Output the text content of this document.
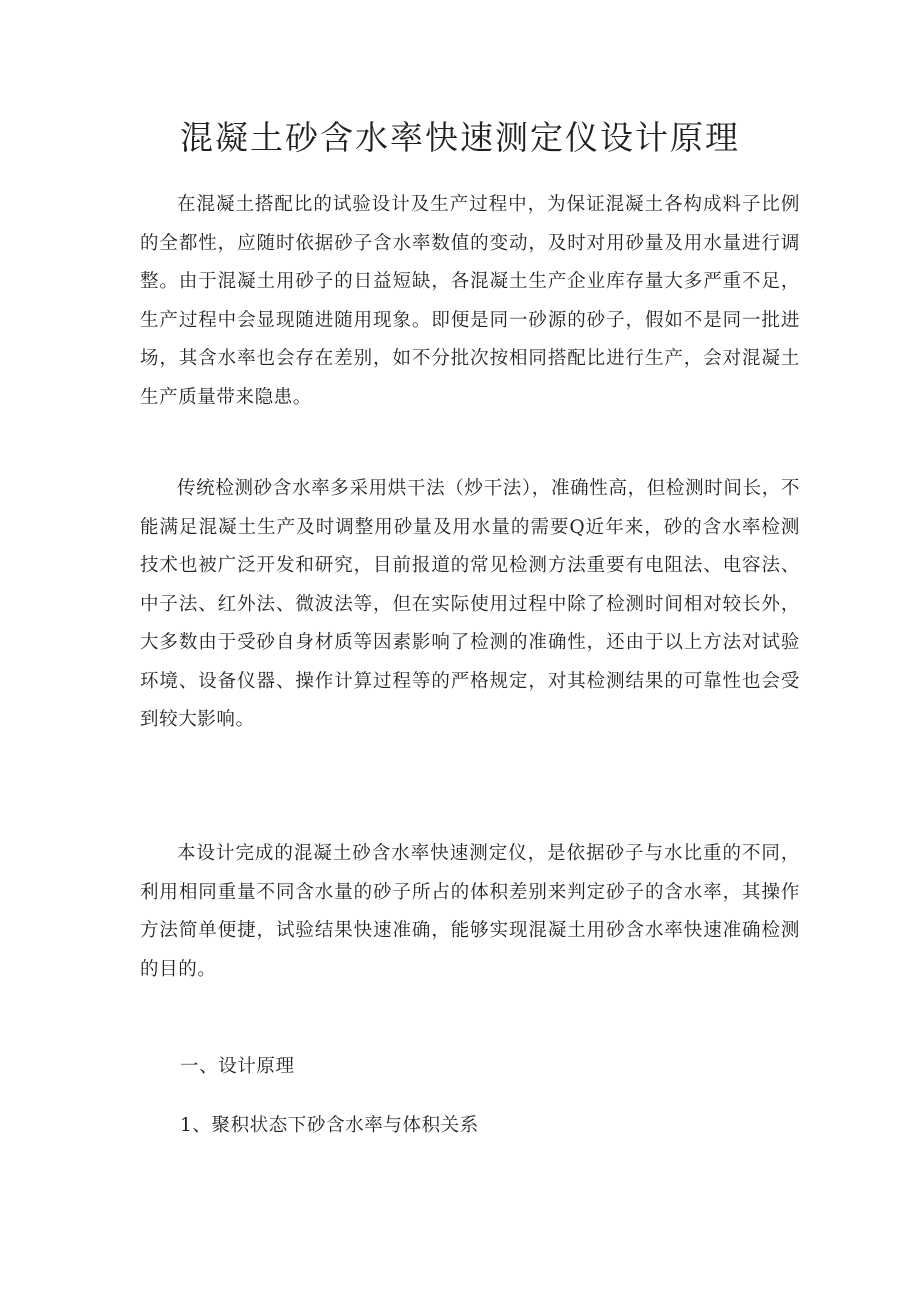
混凝土砂含水率快速测定仪设计原理

在混凝土搭配比的试验设计及生产过程中，为保证混凝土各构成料子比例的全都性，应随时依据砂子含水率数值的变动，及时对用砂量及用水量进行调整。由于混凝土用砂子的日益短缺，各混凝土生产企业库存量大多严重不足，生产过程中会显现随进随用现象。即便是同一砂源的砂子，假如不是同一批进场，其含水率也会存在差别，如不分批次按相同搭配比进行生产，会对混凝土生产质量带来隐患。

传统检测砂含水率多采用烘干法（炒干法），准确性高，但检测时间长，不能满足混凝土生产及时调整用砂量及用水量的需要Q近年来，砂的含水率检测技术也被广泛开发和研究，目前报道的常见检测方法重要有电阻法、电容法、中子法、红外法、微波法等，但在实际使用过程中除了检测时间相对较长外，大多数由于受砂自身材质等因素影响了检测的准确性，还由于以上方法对试验环境、设备仪器、操作计算过程等的严格规定，对其检测结果的可靠性也会受到较大影响。

本设计完成的混凝土砂含水率快速测定仪，是依据砂子与水比重的不同，利用相同重量不同含水量的砂子所占的体积差别来判定砂子的含水率，其操作方法简单便捷，试验结果快速准确，能够实现混凝土用砂含水率快速准确检测的目的。

一、设计原理
1、聚积状态下砂含水率与体积关系
